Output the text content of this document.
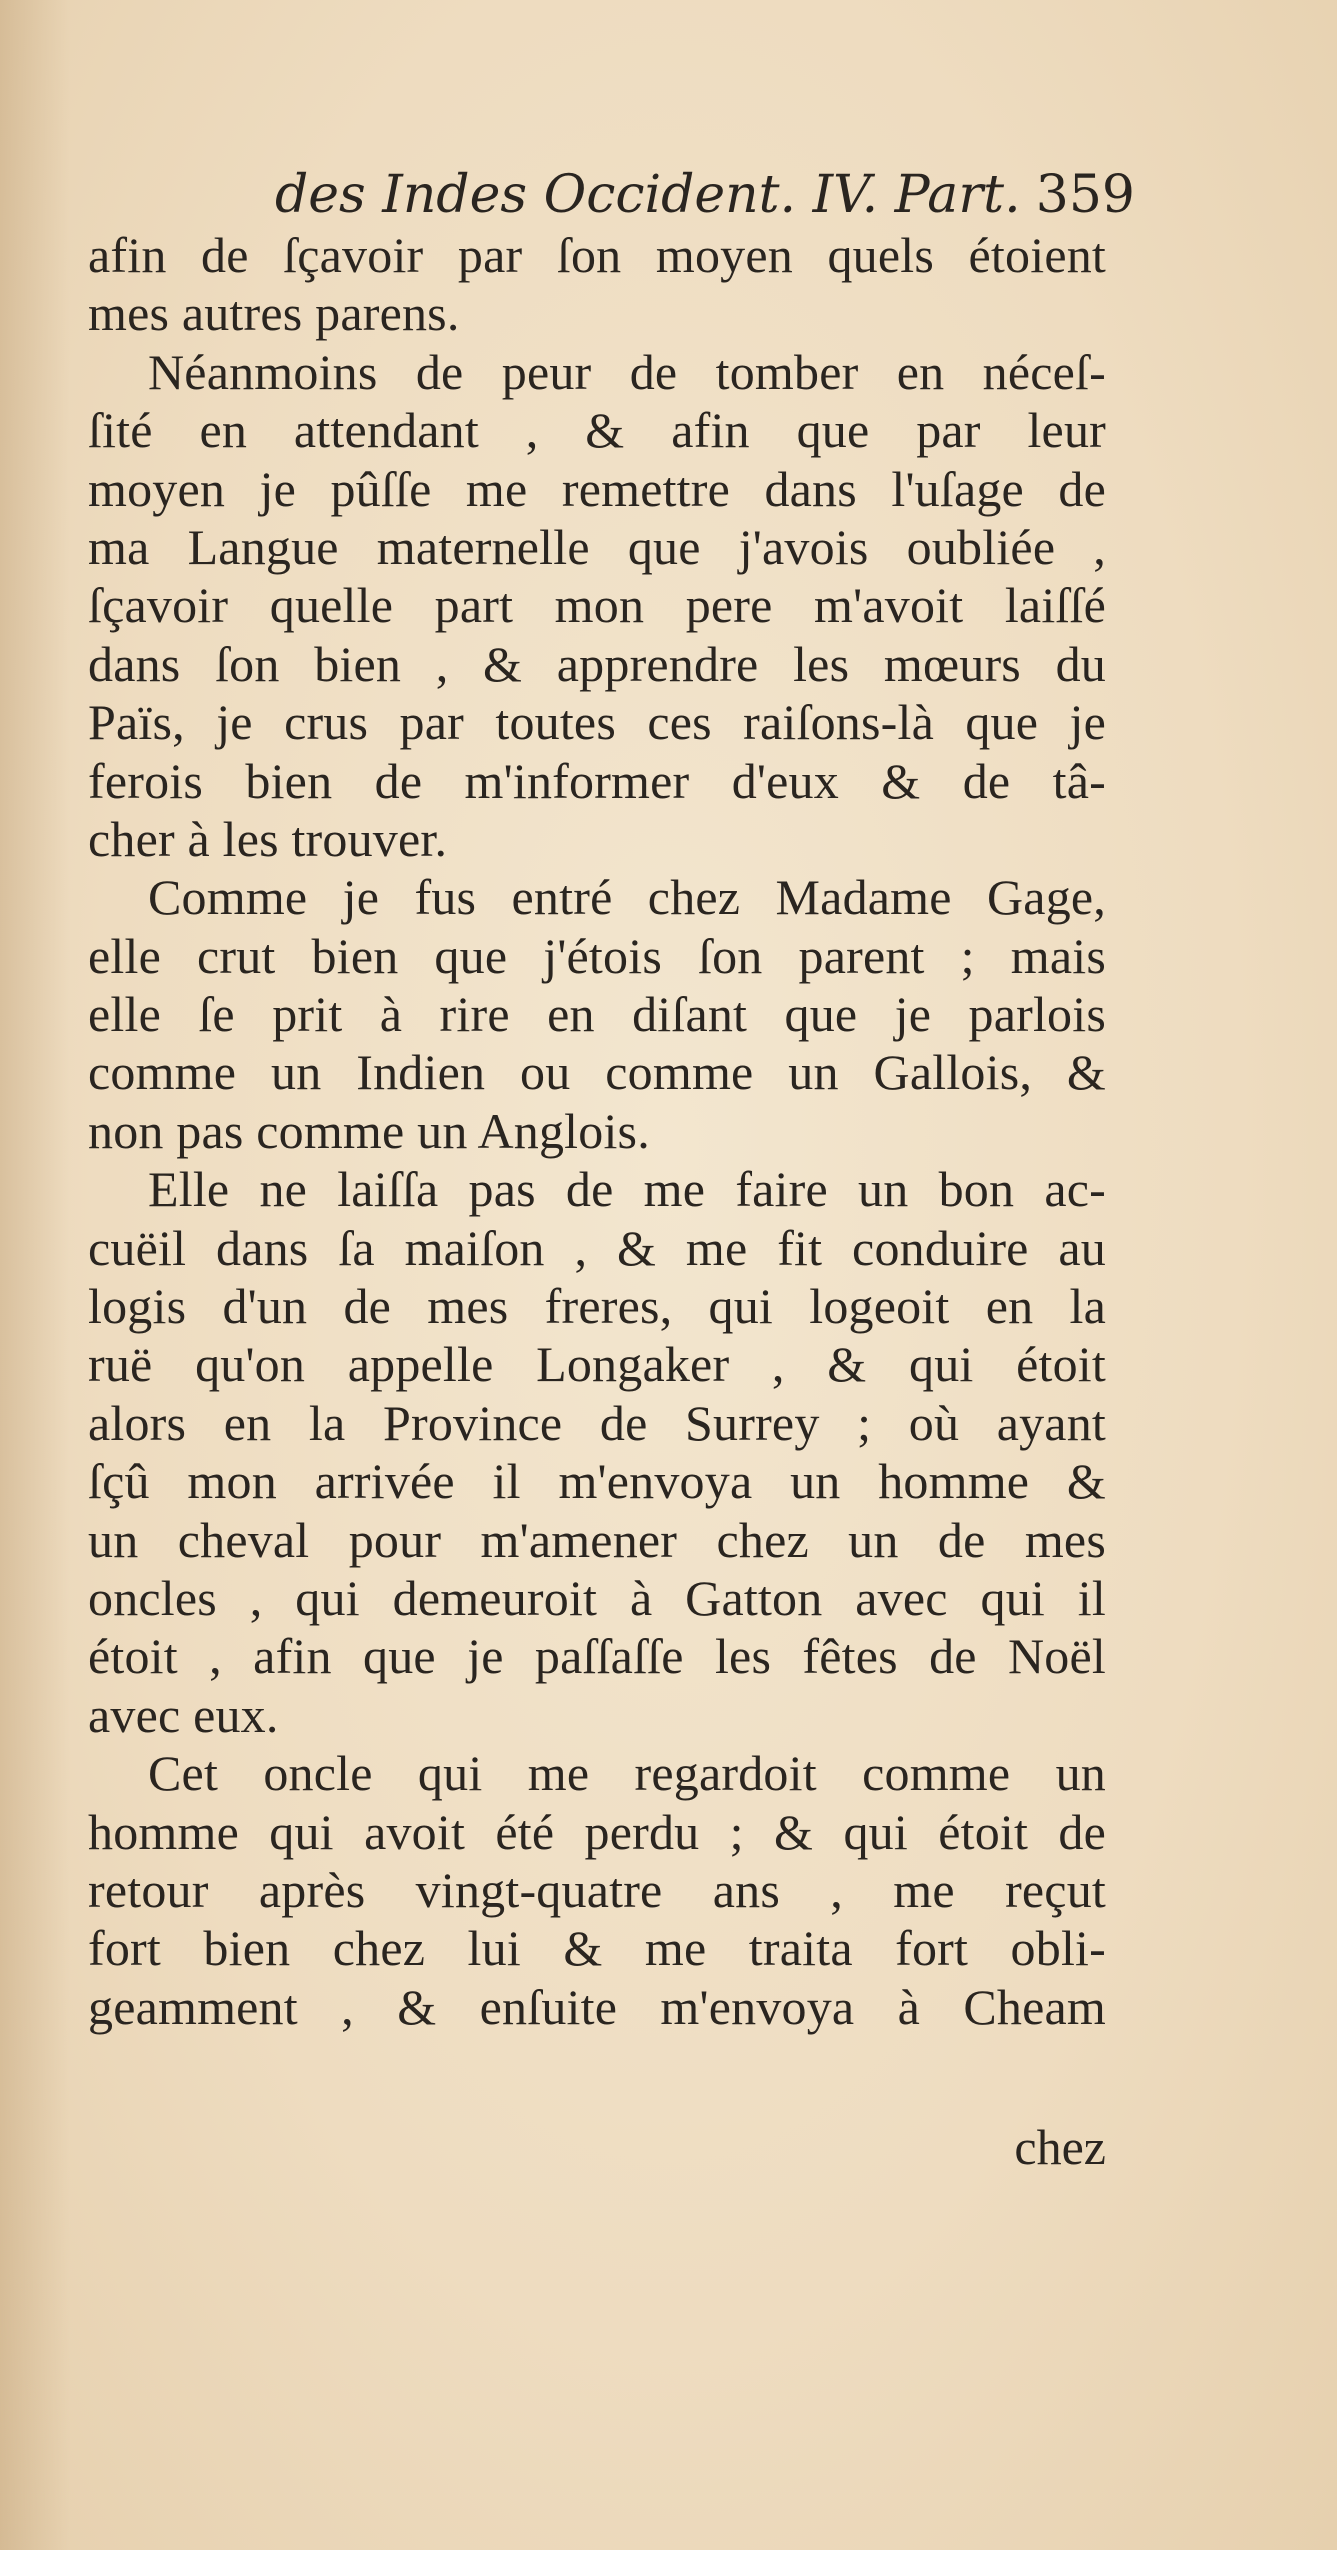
des Indes Occident. IV. Part. 359
afin de ſçavoir par ſon moyen quels étoient
mes autres parens.
Néanmoins de peur de tomber en néceſ-
ſité en attendant , & afin que par leur
moyen je pûſſe me remettre dans l'uſage de
ma Langue maternelle que j'avois oubliée ,
ſçavoir quelle part mon pere m'avoit laiſſé
dans ſon bien , & apprendre les mœurs du
Païs, je crus par toutes ces raiſons-là que je
ferois bien de m'informer d'eux & de tâ-
cher à les trouver.
Comme je fus entré chez Madame Gage,
elle crut bien que j'étois ſon parent ; mais
elle ſe prit à rire en diſant que je parlois
comme un Indien ou comme un Gallois, &
non pas comme un Anglois.
Elle ne laiſſa pas de me faire un bon ac-
cuëil dans ſa maiſon , & me fit conduire au
logis d'un de mes freres, qui logeoit en la
ruë qu'on appelle Longaker , & qui étoit
alors en la Province de Surrey ; où ayant
ſçû mon arrivée il m'envoya un homme &
un cheval pour m'amener chez un de mes
oncles , qui demeuroit à Gatton avec qui il
étoit , afin que je paſſaſſe les fêtes de Noël
avec eux.
Cet oncle qui me regardoit comme un
homme qui avoit été perdu ; & qui étoit de
retour après vingt-quatre ans , me reçut
fort bien chez lui & me traita fort obli-
geamment , & enſuite m'envoya à Cheam
chez
